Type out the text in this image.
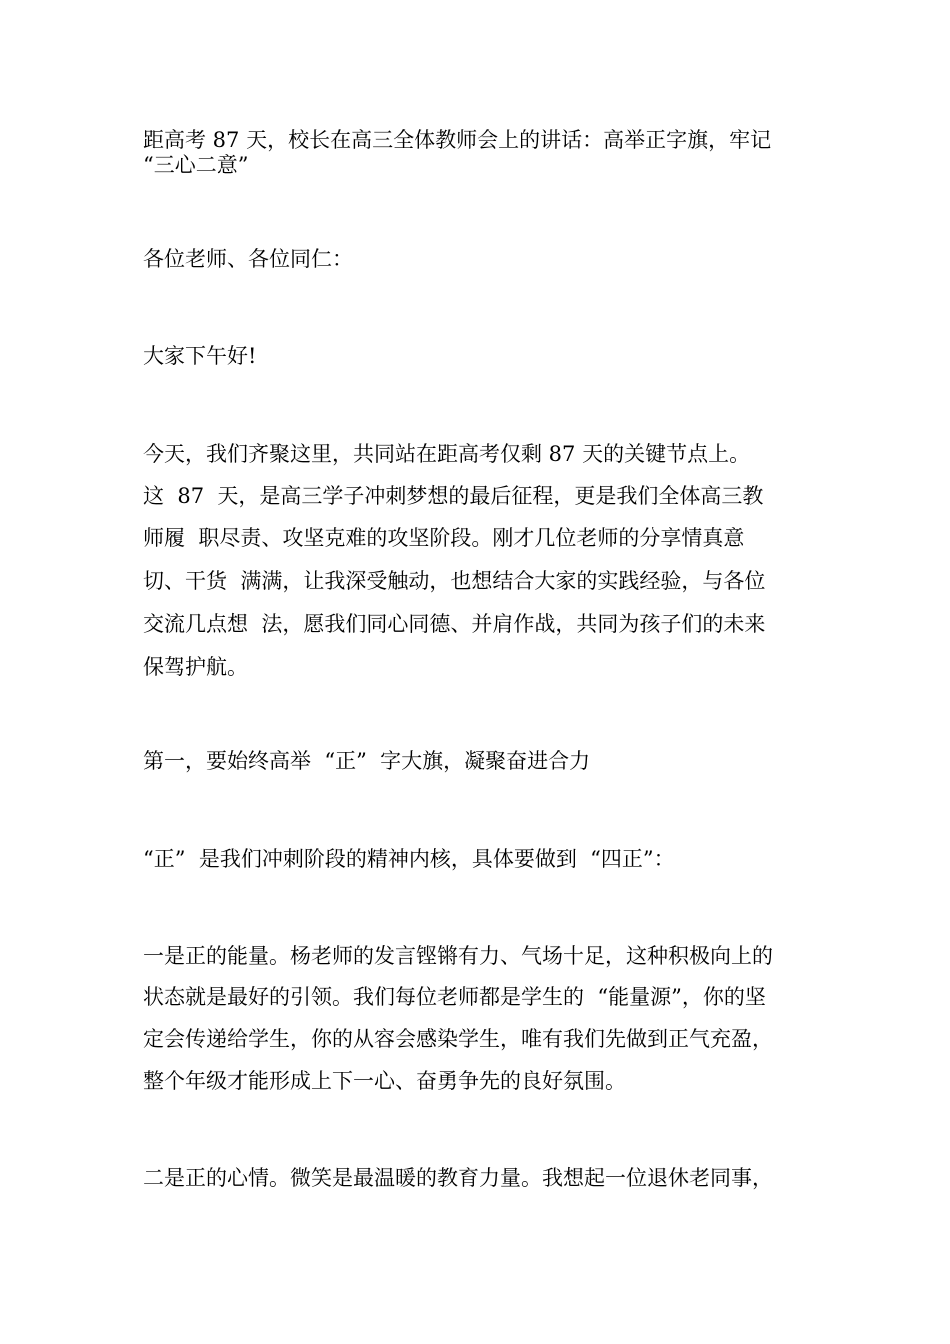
距高考 87 天，校长在高三全体教师会上的讲话：高举正字旗，牢记
“三心二意”
各位老师、各位同仁：
大家下午好!
今天，我们齐聚这里，共同站在距高考仅剩 87 天的关键节点上。
这  87  天，是高三学子冲刺梦想的最后征程，更是我们全体高三教
师履  职尽责、攻坚克难的攻坚阶段。刚才几位老师的分享情真意
切、干货  满满，让我深受触动，也想结合大家的实践经验，与各位
交流几点想  法，愿我们同心同德、并肩作战，共同为孩子们的未来
保驾护航。
第一，要始终高举  “正”  字大旗，凝聚奋进合力
“正”  是我们冲刺阶段的精神内核，具体要做到  “四正”：
一是正的能量。杨老师的发言铿锵有力、气场十足，这种积极向上的
状态就是最好的引领。我们每位老师都是学生的  “能量源”，你的坚
定会传递给学生，你的从容会感染学生，唯有我们先做到正气充盈，
整个年级才能形成上下一心、奋勇争先的良好氛围。
二是正的心情。微笑是最温暖的教育力量。我想起一位退休老同事，
